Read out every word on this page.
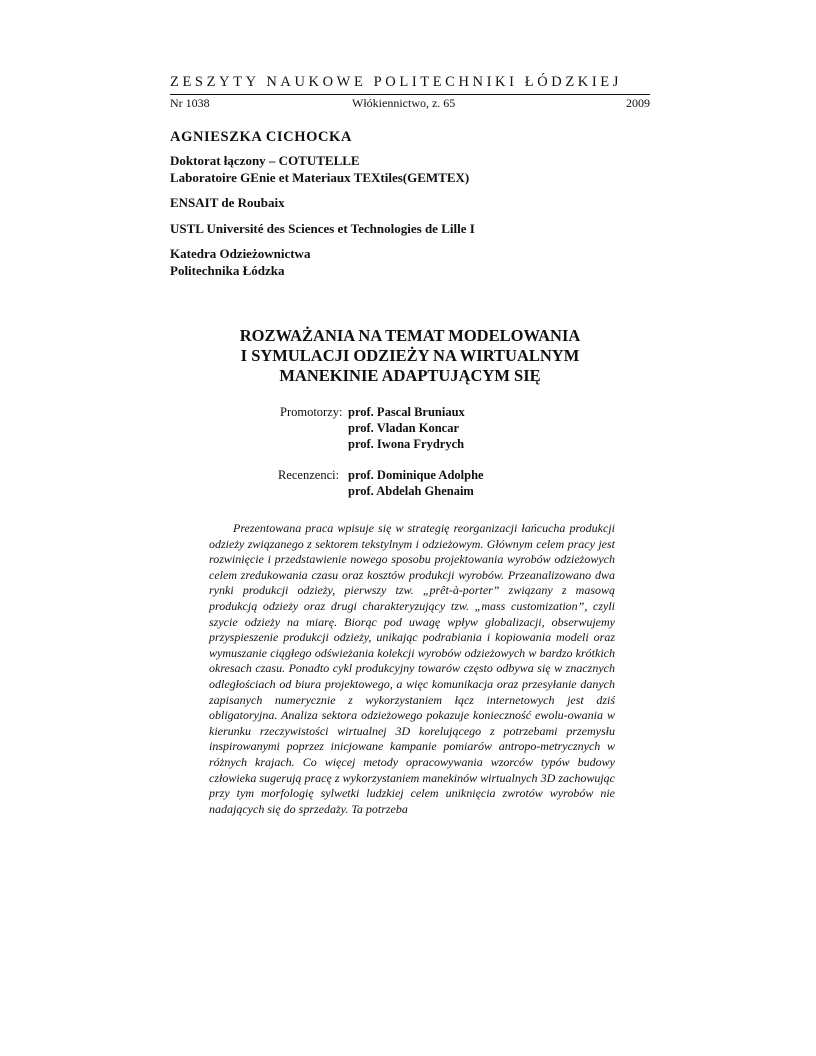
ZESZYTY NAUKOWE POLITECHNIKI ŁÓDZKIEJ
Nr 1038	Włókiennictwo, z. 65	2009
AGNIESZKA CICHOCKA
Doktorat łączony – COTUTELLE
Laboratoire GEnie et Materiaux TEXtiles(GEMTEX)
ENSAIT de Roubaix
USTL Université des Sciences et Technologies de Lille I
Katedra Odzieżownictwa
Politechnika Łódzka
ROZWAŻANIA NA TEMAT MODELOWANIA
I SYMULACJI ODZIEŻY NA WIRTUALNYM
MANEKINIE ADAPTUJĄCYM SIĘ
Promotorzy: prof. Pascal Bruniaux
prof. Vladan Koncar
prof. Iwona Frydrych
Recenzenci: prof. Dominique Adolphe
prof. Abdelah Ghenaim

Prezentowana praca wpisuje się w strategię reorganizacji łańcucha produkcji odzieży związanego z sektorem tekstylnym i odzieżowym. Głównym celem pracy jest rozwinięcie i przedstawienie nowego sposobu projektowania wyrobów odzieżowych celem zredukowania czasu oraz kosztów produkcji wyrobów. Przeanalizowano dwa rynki produkcji odzieży, pierwszy tzw. „prêt-à-porter” związany z masową produkcją odzieży oraz drugi charakteryzujący tzw. „mass customization”, czyli szycie odzieży na miarę. Biorąc pod uwagę wpływ globalizacji, obserwujemy przyspieszenie produkcji odzieży, unikając podrabiania i kopiowania modeli oraz wymuszanie ciągłego odświeżania kolekcji wyrobów odzieżowych w bardzo krótkich okresach czasu. Ponadto cykl produkcyjny towarów często odbywa się w znacznych odległościach od biura projektowego, a więc komunikacja oraz przesyłanie danych zapisanych numerycznie z wykorzystaniem łącz internetowych jest dziś obligatoryjna. Analiza sektora odzieżowego pokazuje konieczność ewolu-owania w kierunku rzeczywistości wirtualnej 3D korelującego z potrzebami przemysłu inspirowanymi poprzez inicjowane kampanie pomiarów antropo-metrycznych w różnych krajach. Co więcej metody opracowywania wzorców typów budowy człowieka sugerują pracę z wykorzystaniem manekinów wirtualnych 3D zachowując przy tym morfologię sylwetki ludzkiej celem uniknięcia zwrotów wyrobów nie nadających się do sprzedaży. Ta potrzeba
